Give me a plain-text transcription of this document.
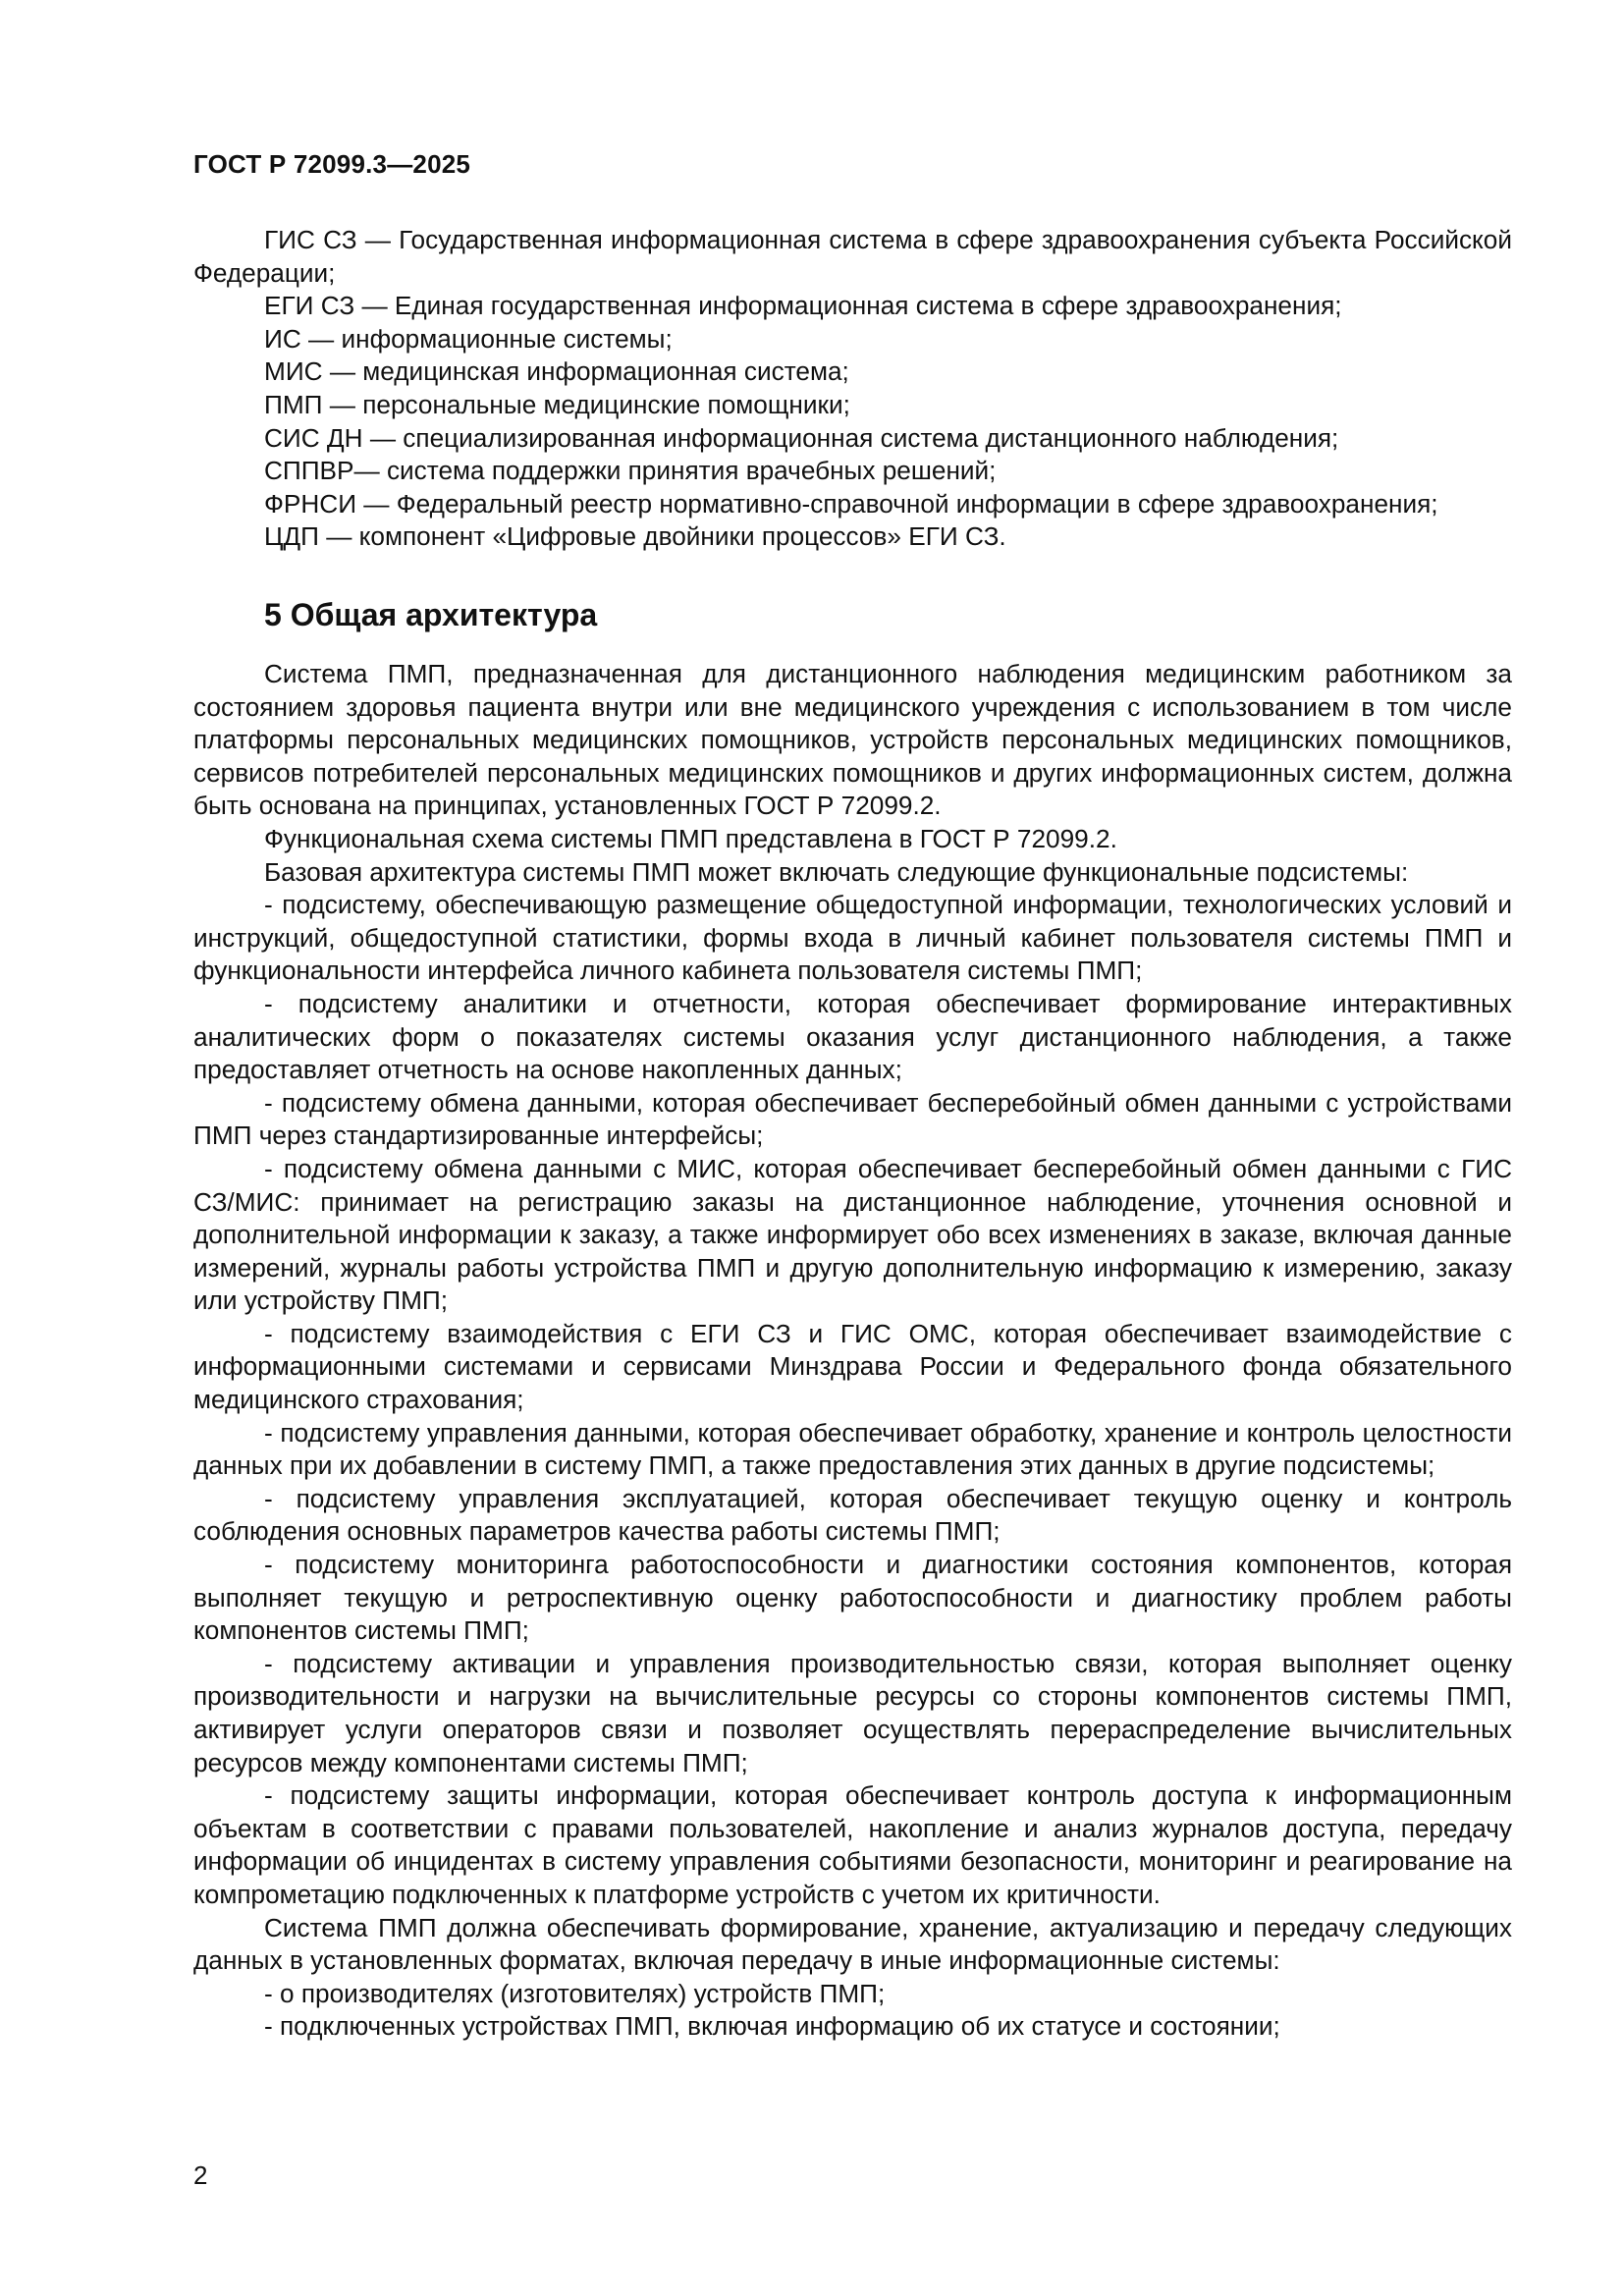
ГОСТ Р 72099.3—2025
ГИС СЗ — Государственная информационная система в сфере здравоохранения субъекта Российской Федерации;
ЕГИ СЗ — Единая государственная информационная система в сфере здравоохранения;
ИС — информационные системы;
МИС — медицинская информационная система;
ПМП — персональные медицинские помощники;
СИС ДН — специализированная информационная система дистанционного наблюдения;
СППВР— система поддержки принятия врачебных решений;
ФРНСИ — Федеральный реестр нормативно-справочной информации в сфере здравоохранения;
ЦДП — компонент «Цифровые двойники процессов» ЕГИ СЗ.
5 Общая архитектура

Система ПМП, предназначенная для дистанционного наблюдения медицинским работником за состоянием здоровья пациента внутри или вне медицинского учреждения с использованием в том числе платформы персональных медицинских помощников, устройств персональных медицинских помощников, сервисов потребителей персональных медицинских помощников и других информационных систем, должна быть основана на принципах, установленных ГОСТ Р 72099.2.

Функциональная схема системы ПМП представлена в ГОСТ Р 72099.2.

Базовая архитектура системы ПМП может включать следующие функциональные подсистемы:

- подсистему, обеспечивающую размещение общедоступной информации, технологических условий и инструкций, общедоступной статистики, формы входа в личный кабинет пользователя системы ПМП и функциональности интерфейса личного кабинета пользователя системы ПМП;

- подсистему аналитики и отчетности, которая обеспечивает формирование интерактивных аналитических форм о показателях системы оказания услуг дистанционного наблюдения, а также предоставляет отчетность на основе накопленных данных;

- подсистему обмена данными, которая обеспечивает бесперебойный обмен данными с устройствами ПМП через стандартизированные интерфейсы;

- подсистему обмена данными с МИС, которая обеспечивает бесперебойный обмен данными с ГИС СЗ/МИС: принимает на регистрацию заказы на дистанционное наблюдение, уточнения основной и дополнительной информации к заказу, а также информирует обо всех изменениях в заказе, включая данные измерений, журналы работы устройства ПМП и другую дополнительную информацию к измерению, заказу или устройству ПМП;

- подсистему взаимодействия с ЕГИ СЗ и ГИС ОМС, которая обеспечивает взаимодействие с информационными системами и сервисами Минздрава России и Федерального фонда обязательного медицинского страхования;

- подсистему управления данными, которая обеспечивает обработку, хранение и контроль целостности данных при их добавлении в систему ПМП, а также предоставления этих данных в другие подсистемы;

- подсистему управления эксплуатацией, которая обеспечивает текущую оценку и контроль соблюдения основных параметров качества работы системы ПМП;

- подсистему мониторинга работоспособности и диагностики состояния компонентов, которая выполняет текущую и ретроспективную оценку работоспособности и диагностику проблем работы компонентов системы ПМП;

- подсистему активации и управления производительностью связи, которая выполняет оценку производительности и нагрузки на вычислительные ресурсы со стороны компонентов системы ПМП, активирует услуги операторов связи и позволяет осуществлять перераспределение вычислительных ресурсов между компонентами системы ПМП;

- подсистему защиты информации, которая обеспечивает контроль доступа к информационным объектам в соответствии с правами пользователей, накопление и анализ журналов доступа, передачу информации об инцидентах в систему управления событиями безопасности, мониторинг и реагирование на компрометацию подключенных к платформе устройств с учетом их критичности.

Система ПМП должна обеспечивать формирование, хранение, актуализацию и передачу следующих данных в установленных форматах, включая передачу в иные информационные системы:

- о производителях (изготовителях) устройств ПМП;

- подключенных устройствах ПМП, включая информацию об их статусе и состоянии;

2
